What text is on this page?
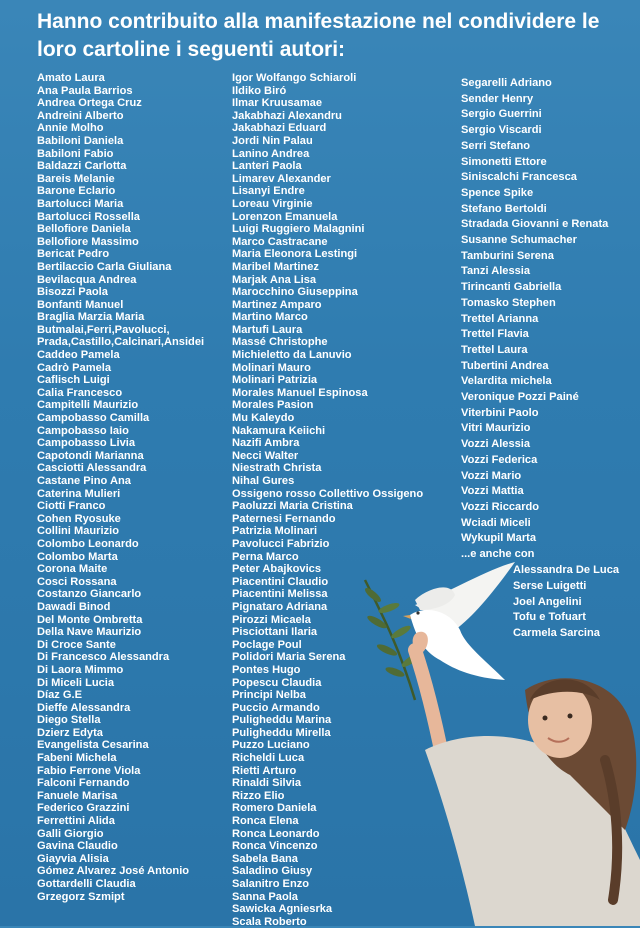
Hanno contribuito alla manifestazione nel condividere le loro cartoline i seguenti autori:
Amato Laura
Ana Paula Barrios
Andrea Ortega Cruz
Andreini Alberto
Annie Molho
Babiloni Daniela
Babiloni Fabio
Baldazzi Carlotta
Bareis Melanie
Barone Eclario
Bartolucci Maria
Bartolucci Rossella
Bellofiore Daniela
Bellofiore Massimo
Bericat Pedro
Bertilaccio Carla Giuliana
Bevilacqua Andrea
Bisozzi Paola
Bonfanti Manuel
Braglia Marzia Maria
Butmalai,Ferri,Pavolucci,
Prada,Castillo,Calcinari,Ansidei
Caddeo Pamela
Cadrò Pamela
Caflisch Luigi
Calia Francesco
Campitelli Maurizio
Campobasso Camilla
Campobasso Iaio
Campobasso Livia
Capotondi Marianna
Casciotti Alessandra
Castane Pino Ana
Caterina Mulieri
Ciotti Franco
Cohen Ryosuke
Collini Maurizio
Colombo Leonardo
Colombo Marta
Corona Maite
Cosci Rossana
Costanzo Giancarlo
Dawadi Binod
Del Monte Ombretta
Della Nave Maurizio
Di Croce Sante
Di Francesco Alessandra
Di Laora Mimmo
Di Miceli Lucia
Díaz G.E
Dieffe Alessandra
Diego Stella
Dzierz Edyta
Evangelista Cesarina
Fabeni Michela
Fabio Ferrone Viola
Falconi Fernando
Fanuele Marisa
Federico Grazzini
Ferrettini Alida
Galli Giorgio
Gavina Claudio
Giayvia Alisia
Gómez Alvarez José Antonio
Gottardelli Claudia
Grzegorz Szmipt
Igor Wolfango Schiaroli
Ildiko Biró
Ilmar Kruusamae
Jakabhazi Alexandru
Jakabhazi Eduard
Jordi Nin Palau
Lanino Andrea
Lanteri Paola
Limarev Alexander
Lisanyi Endre
Loreau Virginie
Lorenzon Emanuela
Luigi Ruggiero Malagnini
Marco Castracane
Maria Eleonora Lestingi
Maribel Martinez
Marjak Ana Lisa
Marocchino Giuseppina
Martinez Amparo
Martino Marco
Martufi Laura
Massé Christophe
Michieletto da Lanuvio
Molinari Mauro
Molinari Patrizia
Morales Manuel Espinosa
Morales Pasion
Mu Kaleydo
Nakamura Keiichi
Nazifi Ambra
Necci Walter
Niestrath Christa
Nihal Gures
Ossigeno rosso Collettivo Ossigeno
Paoluzzi Maria Cristina
Paternesi Fernando
Patrizia Molinari
Pavolucci Fabrizio
Perna Marco
Peter Abajkovics
Piacentini Claudio
Piacentini Melissa
Pignataro Adriana
Pirozzi Micaela
Pisciottani Ilaria
Poclage Poul
Polidori Maria Serena
Pontes Hugo
Popescu Claudia
Principi Nelba
Puccio Armando
Puligheddu Marina
Puligheddu Mirella
Puzzo Luciano
Richeldi Luca
Rietti Arturo
Rinaldi Silvia
Rizzo Elio
Romero Daniela
Ronca Elena
Ronca Leonardo
Ronca Vincenzo
Sabela Bana
Saladino Giusy
Salanitro Enzo
Sanna Paola
Sawicka Agniesrka
Scala Roberto
Segarelli Adriano
Sender Henry
Sergio Guerrini
Sergio Viscardi
Serri Stefano
Simonetti Ettore
Siniscalchi Francesca
Spence Spike
Stefano Bertoldi
Stradada Giovanni e Renata
Susanne Schumacher
Tamburini Serena
Tanzi Alessia
Tirincanti Gabriella
Tomasko Stephen
Trettel Arianna
Trettel Flavia
Trettel Laura
Tubertini Andrea
Velardita michela
Veronique Pozzi Painé
Viterbini Paolo
Vitri Maurizio
Vozzi Alessia
Vozzi Federica
Vozzi Mario
Vozzi Mattia
Vozzi Riccardo
Wciadi Miceli
Wykupil Marta
...e anche con
Alessandra De Luca
Serse Luigetti
Joel Angelini
Tofu e Tofuart
Carmela Sarcina
